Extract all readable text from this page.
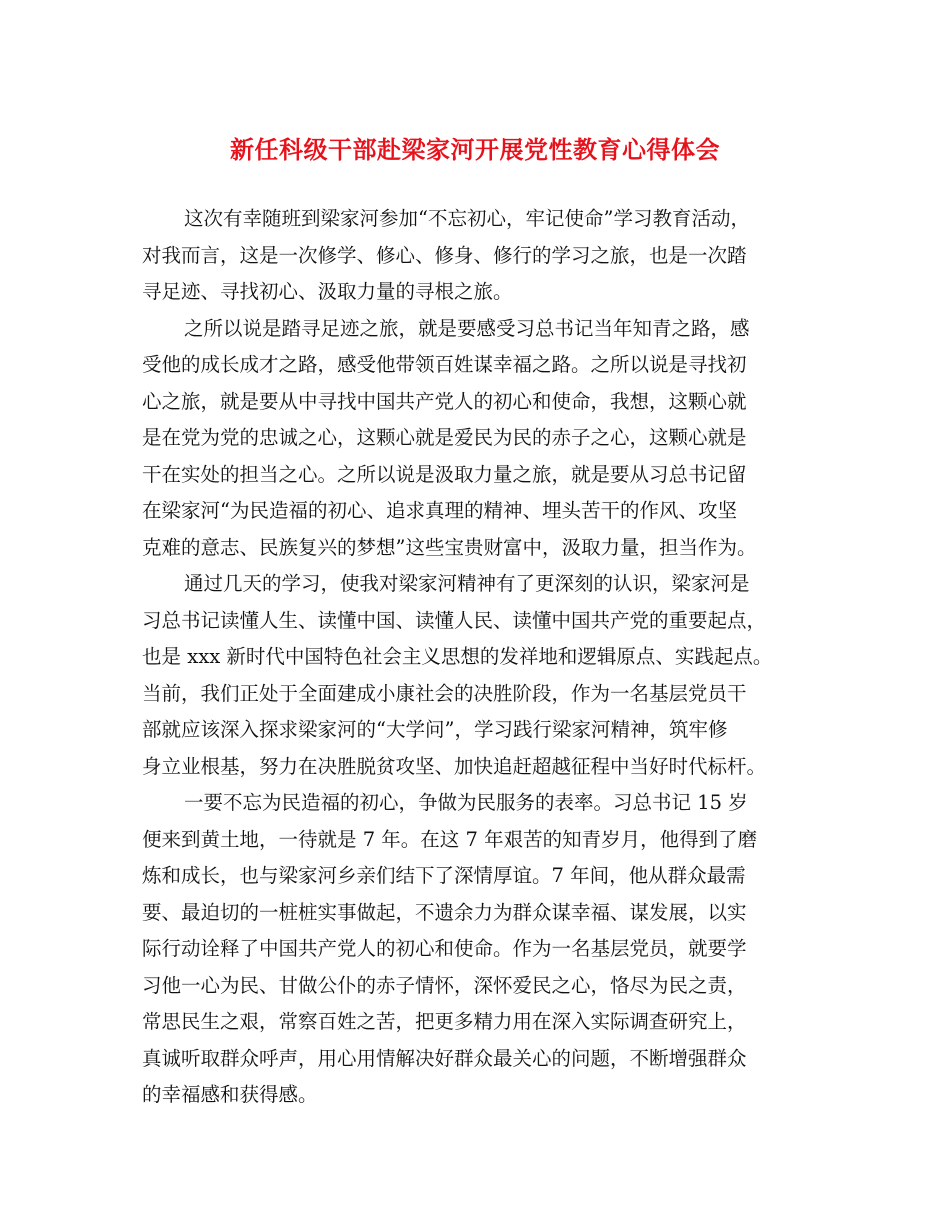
新任科级干部赴梁家河开展党性教育心得体会
这次有幸随班到梁家河参加“不忘初心，牢记使命”学习教育活动，
对我而言，这是一次修学、修心、修身、修行的学习之旅，也是一次踏
寻足迹、寻找初心、汲取力量的寻根之旅。
之所以说是踏寻足迹之旅，就是要感受习总书记当年知青之路，感
受他的成长成才之路，感受他带领百姓谋幸福之路。之所以说是寻找初
心之旅，就是要从中寻找中国共产党人的初心和使命，我想，这颗心就
是在党为党的忠诚之心，这颗心就是爱民为民的赤子之心，这颗心就是
干在实处的担当之心。之所以说是汲取力量之旅，就是要从习总书记留
在梁家河“为民造福的初心、追求真理的精神、埋头苦干的作风、攻坚
克难的意志、民族复兴的梦想”这些宝贵财富中，汲取力量，担当作为。
通过几天的学习，使我对梁家河精神有了更深刻的认识，梁家河是
习总书记读懂人生、读懂中国、读懂人民、读懂中国共产党的重要起点，
也是 xxx 新时代中国特色社会主义思想的发祥地和逻辑原点、实践起点。
当前，我们正处于全面建成小康社会的决胜阶段，作为一名基层党员干
部就应该深入探求梁家河的“大学问”，学习践行梁家河精神，筑牢修
身立业根基，努力在决胜脱贫攻坚、加快追赶超越征程中当好时代标杆。
一要不忘为民造福的初心，争做为民服务的表率。习总书记 15 岁
便来到黄土地，一待就是 7 年。在这 7 年艰苦的知青岁月，他得到了磨
炼和成长，也与梁家河乡亲们结下了深情厚谊。7 年间，他从群众最需
要、最迫切的一桩桩实事做起，不遗余力为群众谋幸福、谋发展，以实
际行动诠释了中国共产党人的初心和使命。作为一名基层党员，就要学
习他一心为民、甘做公仆的赤子情怀，深怀爱民之心，恪尽为民之责，
常思民生之艰，常察百姓之苦，把更多精力用在深入实际调查研究上，
真诚听取群众呼声，用心用情解决好群众最关心的问题，不断增强群众
的幸福感和获得感。
